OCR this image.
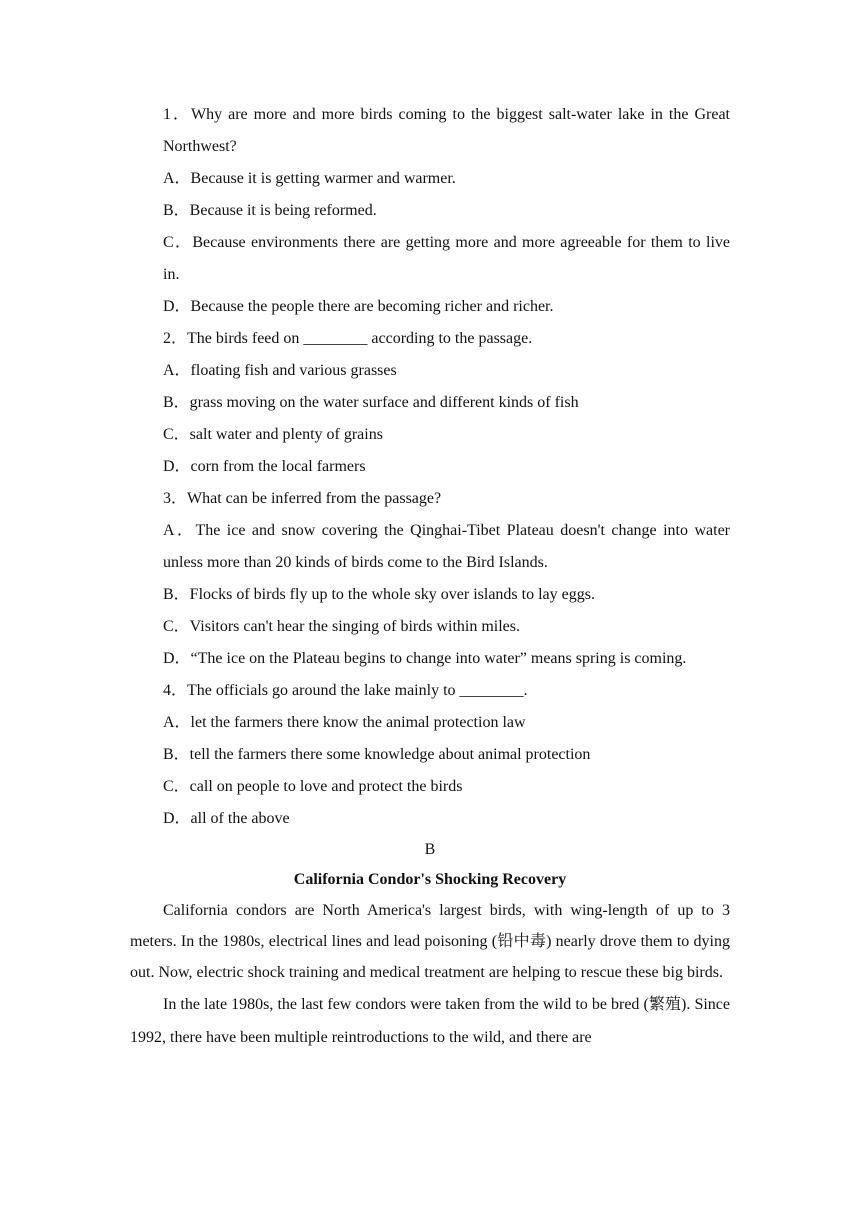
1．Why are more and more birds coming to the biggest salt-water lake in the Great Northwest?

A．Because it is getting warmer and warmer.

B．Because it is being reformed.

C．Because environments there are getting more and more agreeable for them to live in.

D．Because the people there are becoming richer and richer.

2．The birds feed on ________ according to the passage.

A．floating fish and various grasses

B．grass moving on the water surface and different kinds of fish

C．salt water and plenty of grains

D．corn from the local farmers

3．What can be inferred from the passage?

A．The ice and snow covering the Qinghai-Tibet Plateau doesn't change into water unless more than 20 kinds of birds come to the Bird Islands.

B．Flocks of birds fly up to the whole sky over islands to lay eggs.

C．Visitors can't hear the singing of birds within miles.

D．“The ice on the Plateau begins to change into water” means spring is coming.

4．The officials go around the lake mainly to ________.

A．let the farmers there know the animal protection law

B．tell the farmers there some knowledge about animal protection

C．call on people to love and protect the birds

D．all of the above

B

California Condor's Shocking Recovery

California condors are North America's largest birds, with wing-length of up to 3 meters. In the 1980s, electrical lines and lead poisoning (铅中毒) nearly drove them to dying out. Now, electric shock training and medical treatment are helping to rescue these big birds.

In the late 1980s, the last few condors were taken from the wild to be bred (繁殖). Since 1992, there have been multiple reintroductions to the wild, and there are
